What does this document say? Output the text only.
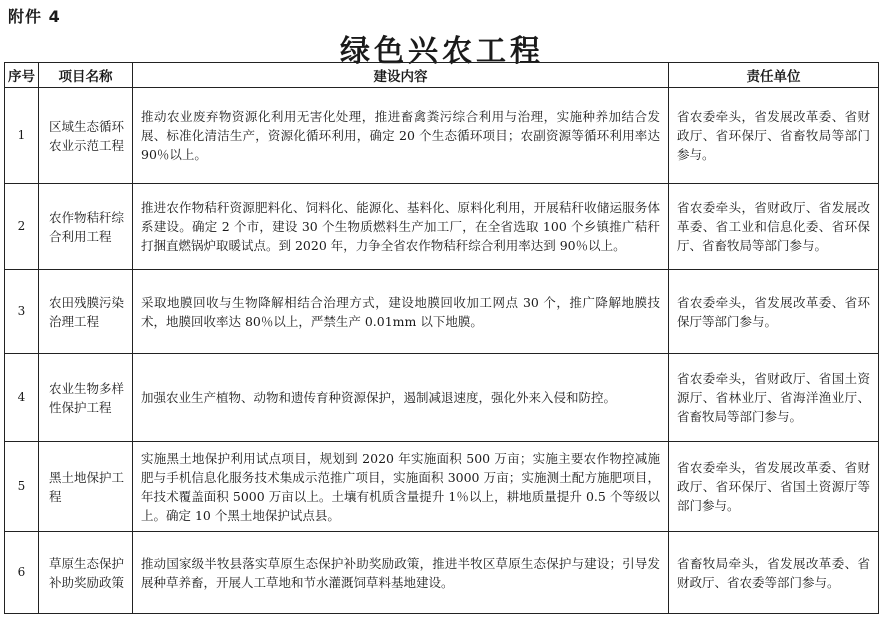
附件 4
绿色兴农工程
序号	项目名称	建设内容	责任单位
1	区域生态循环农业示范工程	推动农业废弃物资源化利用无害化处理，推进畜禽粪污综合利用与治理，实施种养加结合发展、标准化清洁生产，资源化循环利用，确定 20 个生态循环项目；农副资源等循环利用率达 90％以上。	省农委牵头，省发展改革委、省财政厅、省环保厅、省畜牧局等部门参与。
2	农作物秸秆综合利用工程	推进农作物秸秆资源肥料化、饲料化、能源化、基料化、原料化利用，开展秸秆收储运服务体系建设。确定 2 个市，建设 30 个生物质燃料生产加工厂，在全省选取 100 个乡镇推广秸秆打捆直燃锅炉取暖试点。到 2020 年，力争全省农作物秸秆综合利用率达到 90％以上。	省农委牵头，省财政厅、省发展改革委、省工业和信息化委、省环保厅、省畜牧局等部门参与。
3	农田残膜污染治理工程	采取地膜回收与生物降解相结合治理方式，建设地膜回收加工网点 30 个，推广降解地膜技术，地膜回收率达 80％以上，严禁生产 0.01mm 以下地膜。	省农委牵头，省发展改革委、省环保厅等部门参与。
4	农业生物多样性保护工程	加强农业生产植物、动物和遗传育种资源保护，遏制减退速度，强化外来入侵和防控。	省农委牵头，省财政厅、省国土资源厅、省林业厅、省海洋渔业厅、省畜牧局等部门参与。
5	黑土地保护工程	实施黑土地保护利用试点项目，规划到 2020 年实施面积 500 万亩；实施主要农作物控减施肥与手机信息化服务技术集成示范推广项目，实施面积 3000 万亩；实施测土配方施肥项目，年技术覆盖面积 5000 万亩以上。土壤有机质含量提升 1％以上，耕地质量提升 0.5 个等级以上。确定 10 个黑土地保护试点县。	省农委牵头，省发展改革委、省财政厅、省环保厅、省国土资源厅等部门参与。
6	草原生态保护补助奖励政策	推动国家级半牧县落实草原生态保护补助奖励政策，推进半牧区草原生态保护与建设；引导发展种草养畜，开展人工草地和节水灌溉饲草料基地建设。	省畜牧局牵头，省发展改革委、省财政厅、省农委等部门参与。
